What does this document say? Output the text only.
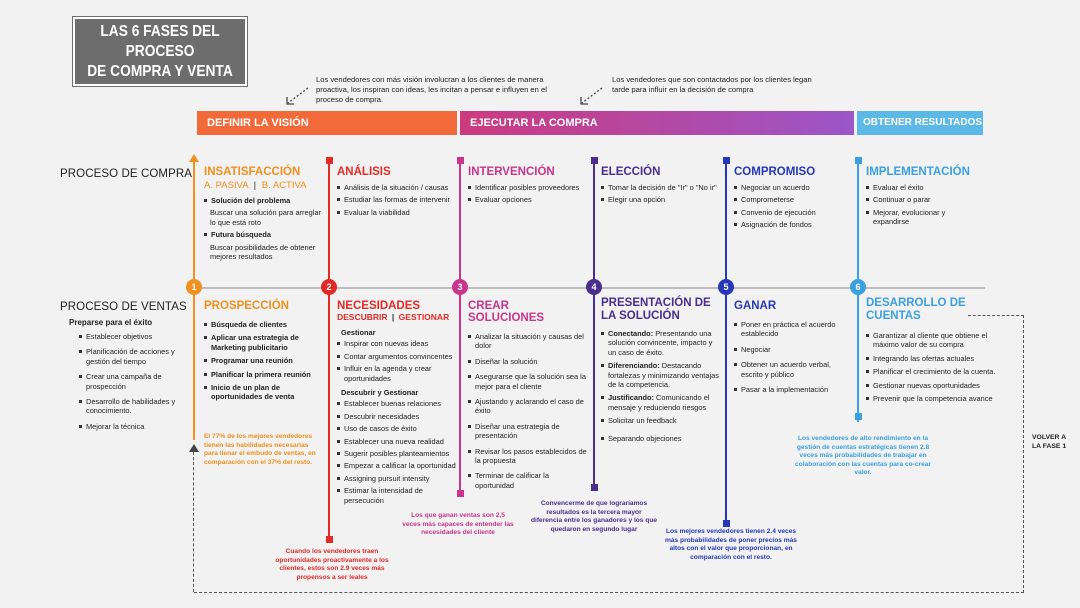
LAS 6 FASES DEL PROCESO
DE COMPRA Y VENTA	Los vendedores con más visión involucran a los clientes de manera proactiva, los inspiran con ideas, les incitan a pensar e influyen en el proceso de compra.
Los vendedores que son contactados por los clientes legan tarde para influir en la decisión de compra
DEFINIR LA VISIÓN	EJECUTAR LA COMPRA	OBTENER RESULTADOS
PROCESO DE COMPRA
PROCESO DE VENTAS
1	2	3	4	5	6
INSATISFACCIÓN
A. PASIVA | B. ACTIVA
Solución del problema
Buscar una solución para arreglar lo que está roto
Futura búsqueda
Buscar posibilidades de obtener mejores resultados
ANÁLISIS
Análisis de la situación / causas
Estudiar las formas de intervenir
Evaluar la viabilidad
INTERVENCIÓN
Identificar posibles proveedores
Evaluar opciones
ELECCIÓN
Tomar la decisión de "Ir" o "No ir"
Elegir una opción
COMPROMISO
Negociar un acuerdo
Comprometerse
Convenio de ejecución
Asignación de fondos
IMPLEMENTACIÓN
Evaluar el éxito
Continuar o parar
Mejorar, evolucionar y expandirse
Preparse para el éxito
Establecer objetivos
Planificación de acciones y gestión del tiempo
Crear una campaña de prospección
Desarrollo de habilidades y conocimiento.
Mejorar la técnica
PROSPECCIÓN
Búsqueda de clientes
Aplicar una estrategia de Marketing publicitario
Programar una reunión
Planificar la primera reunión
Inicio de un plan de oportunidades de venta
El 77% de los mejores vendedores tienen las habilidades necesarias para llenar el embudo de ventas, en comparación con el 37% del resto.
NECESIDADES
DESCUBRIR | GESTIONAR
Gestionar
Inspirar con nuevas ideas
Contar argumentos convincentes
Influir en la agenda y crear oportunidades
Descubrir y Gestionar
Establecer buenas relaciones
Descubrir necesidades
Uso de casos de éxito
Establecer una nueva realidad
Sugerir posibles planteamientos
Empezar a calificar la oportunidad
Assigning pursuit intensity
Estimar la intensidad de persecución
Cuando los vendedores traen oportunidades proactivamente a los clientes, estos son 2.9 veces más propensos a ser leales
CREAR SOLUCIONES
Analizar la situación y causas del dolor
Diseñar la solución
Asegurarse que la solución sea la mejor para el cliente
Ajustando y aclarando el caso de éxito
Diseñar una estrategia de presentación
Revisar los pasos establecidos de la propuesta
Terminar de calificar la oportunidad
Los que ganan ventas son 2,5 veces más capaces de entender las necesidades del cliente
PRESENTACIÓN DE
LA SOLUCIÓN
Conectando: Presentando una solución convincente, impacto y un caso de éxito.
Diferenciando: Destacando fortalezas y minimizando ventajas de la competencia.
Justificando: Comunicando el mensaje y reduciendo riesgos
Solicitar un feedback
Separando objeciones
Convencerme de que lograríamos resultados es la tercera mayor diferencia entre los ganadores y los que quedaron en segundo lugar
GANAR
Poner en práctica el acuerdo establecido
Negociar
Obtener un acuerdo verbal, escrito y público
Pasar a la implementación
Los mejores vendedores tienen 2.4 veces más probabilidades de poner precios más altos con el valor que proporcionan, en comparación con el resto.
DESARROLLO DE
CUENTAS
Garantizar al cliente que obtiene el máximo valor de su compra
Integrando las ofertas actuales
Planificar el crecimiento de la cuenta.
Gestionar nuevas oportunidades
Prevenir que la competencia avance
Los vendedores de alto rendimiento en la gestión de cuentas estratégicas tienen 2.8 veces más probabilidades de trabajar en colaboración con las cuentas para co-crear valor.
VOLVER A
LA FASE 1
